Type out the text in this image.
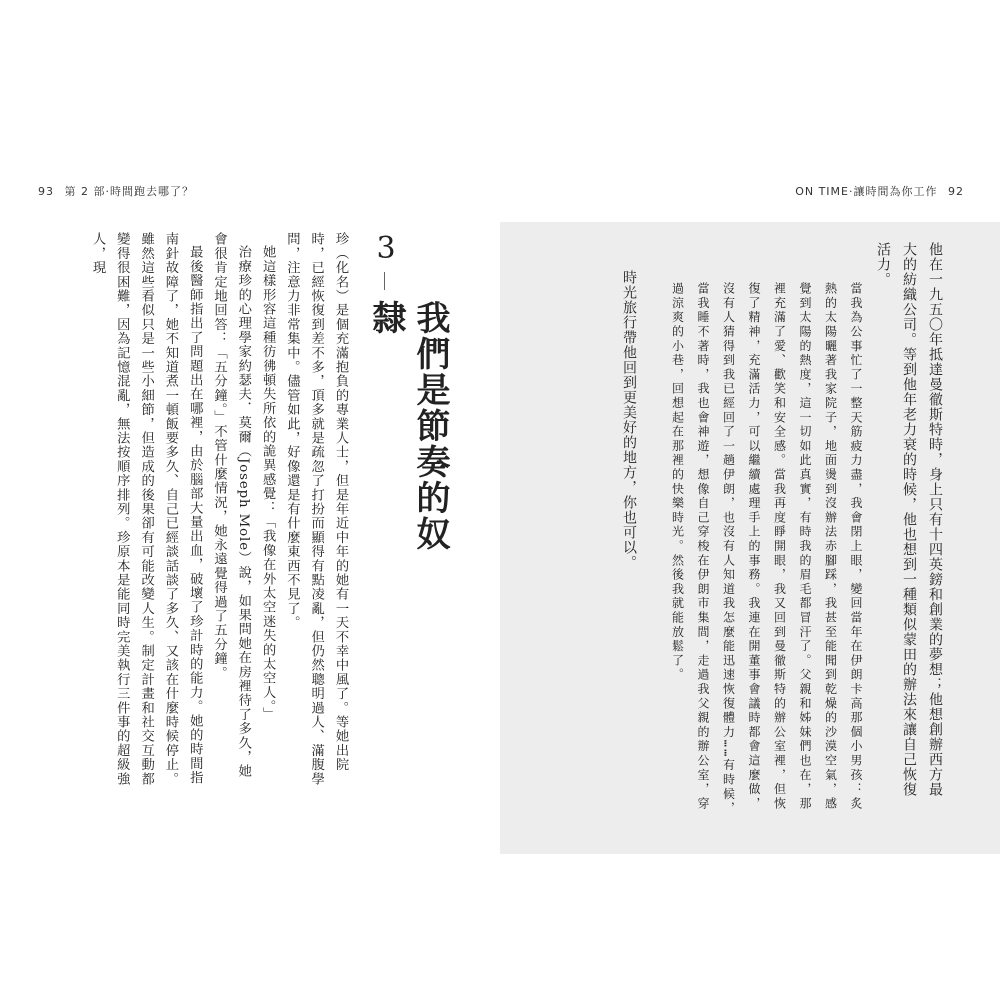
93 第 2 部‧時間跑去哪了？	ON TIME‧讓時間為你工作 92

珍（化名）是個充滿抱負的專業人士，但是年近中年的她有一天不幸中風了。等她出院時，已經恢復到差不多，頂多就是疏忽了打扮而顯得有點凌亂，但仍然聰明過人、滿腹學問，注意力非常集中。儘管如此，好像還是有什麼東西不見了。

她這樣形容這種彷彿頓失所依的詭異感覺：「我像在外太空迷失的太空人。」

治療珍的心理學家約瑟夫．莫爾（Joseph Mole）說，如果問她在房裡待了多久，她會很肯定地回答：「五分鐘。」不管什麼情況，她永遠覺得過了五分鐘。

最後醫師指出了問題出在哪裡，由於腦部大量出血，破壞了珍計時的能力。她的時間指南針故障了，她不知道煮一頓飯要多久、自己已經談話談了多久、又該在什麼時候停止。雖然這些看似只是一些小細節，但造成的後果卻有可能改變人生。制定計畫和社交互動都變得很困難，因為記憶混亂，無法按順序排列。珍原本是能同時完美執行三件事的超級強人，現	3
我們是節奏的奴隸	他在一九五〇年抵達曼徹斯特時，身上只有十四英鎊和創業的夢想；他想創辦西方最大的紡織公司。等到他年老力衰的時候，他也想到一種類似蒙田的辦法來讓自己恢復活力。

當我為公事忙了一整天筋疲力盡，我會閉上眼，變回當年在伊朗卡高那個小男孩：炙熱的太陽曬著我家院子，地面燙到沒辦法赤腳踩，我甚至能聞到乾燥的沙漠空氣，感覺到太陽的熱度，這一切如此真實，有時我的眉毛都冒汗了。父親和姊妹們也在，那裡充滿了愛、歡笑和安全感。當我再度睜開眼，我又回到曼徹斯特的辦公室裡，但恢復了精神，充滿活力，可以繼續處理手上的事務。我連在開董事會議時都會這麼做，沒有人猜得到我已經回了一趟伊朗，也沒有人知道我怎麼能迅速恢復體力……有時候，當我睡不著時，我也會神遊，想像自己穿梭在伊朗市集間，走過我父親的辦公室，穿過涼爽的小巷，回想起在那裡的快樂時光。然後我就能放鬆了。

時光旅行帶他回到更美好的地方，你也可以。
